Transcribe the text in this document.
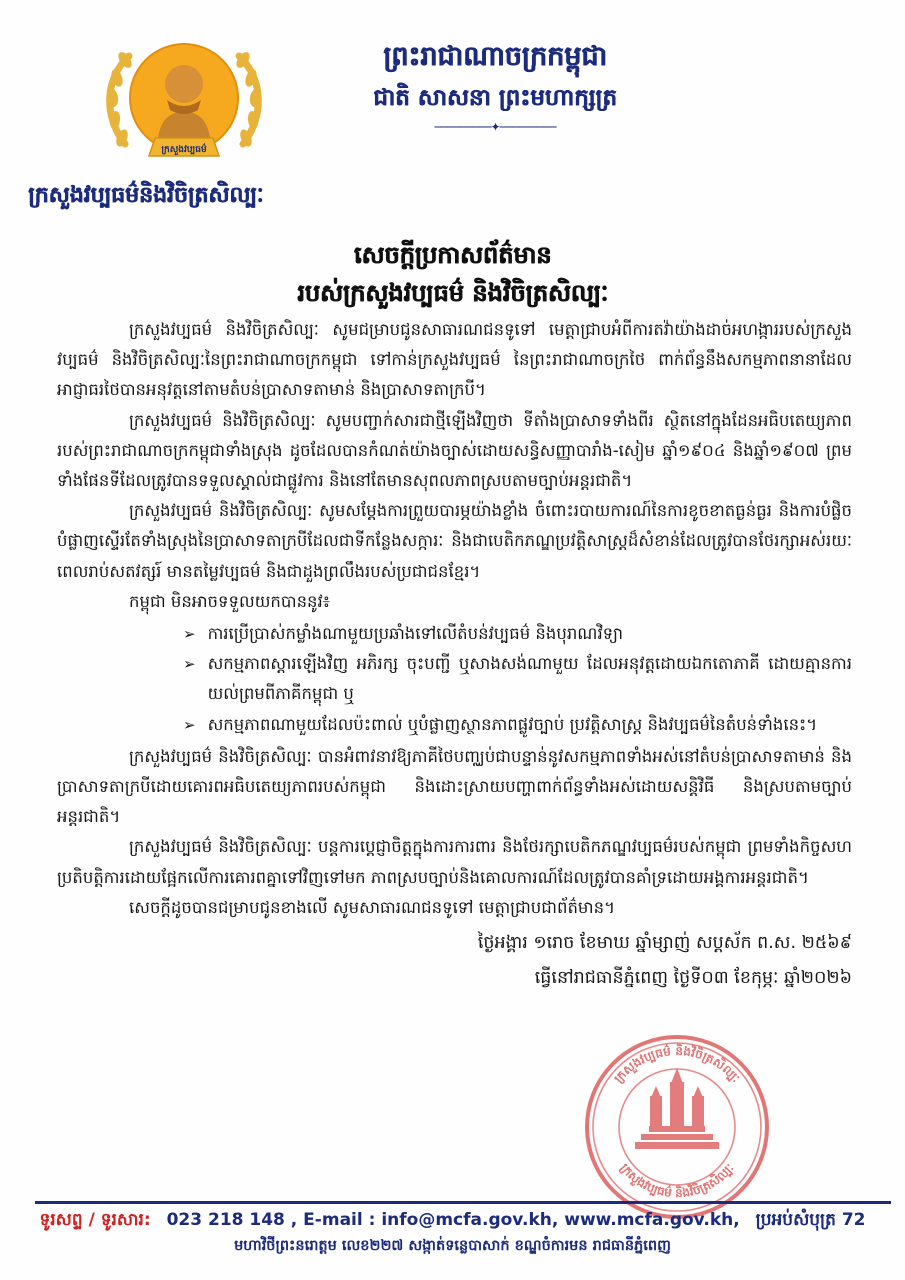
ក្រសួងវប្បធម៌
ព្រះរាជាណាចក្រកម្ពុជា
ជាតិ សាសនា ព្រះមហាក្សត្រ
─────────✦─────────
ក្រសួងវប្បធម៌និងវិចិត្រសិល្បៈ
សេចក្តីប្រកាសព័ត៌មាន
របស់ក្រសួងវប្បធម៌ និងវិចិត្រសិល្បៈ

ក្រសួងវប្បធម៌ និងវិចិត្រសិល្បៈ សូមជម្រាបជូនសាធារណជនទូទៅ មេត្តាជ្រាបអំពីការតវ៉ាយ៉ាងដាច់អហង្ការរបស់ក្រសួងវប្បធម៌ និងវិចិត្រសិល្បៈនៃព្រះរាជាណាចក្រកម្ពុជា ទៅកាន់ក្រសួងវប្បធម៌ នៃព្រះរាជាណាចក្រថៃ ពាក់ព័ន្ធនឹងសកម្មភាពនានាដែលអាជ្ញាធរថៃបានអនុវត្តនៅតាមតំបន់ប្រាសាទតាមាន់ និងប្រាសាទតាក្របី។

ក្រសួងវប្បធម៌ និងវិចិត្រសិល្បៈ សូមបញ្ជាក់សារជាថ្មីឡើងវិញថា ទីតាំងប្រាសាទទាំងពីរ ស្ថិតនៅក្នុងដែនអធិបតេយ្យភាពរបស់ព្រះរាជាណាចក្រកម្ពុជាទាំងស្រុង ដូចដែលបានកំណត់យ៉ាងច្បាស់ដោយសន្ធិសញ្ញាបារាំង-សៀម ឆ្នាំ១៩០៤ និងឆ្នាំ១៩០៧ ព្រមទាំងផែនទីដែលត្រូវបានទទួលស្គាល់ជាផ្លូវការ និងនៅតែមានសុពលភាពស្របតាមច្បាប់អន្តរជាតិ។

ក្រសួងវប្បធម៌ និងវិចិត្រសិល្បៈ សូមសម្តែងការព្រួយបារម្ភយ៉ាងខ្លាំង ចំពោះរបាយការណ៍នៃការខូចខាតធ្ងន់ធ្ងរ និងការបំផ្លិចបំផ្លាញស្ទើរតែទាំងស្រុងនៃប្រាសាទតាក្របីដែលជាទីកន្លែងសក្ការៈ និងជាបេតិកភណ្ឌប្រវត្តិសាស្ត្រដ៏សំខាន់ដែលត្រូវបានថែរក្សាអស់រយៈពេលរាប់សតវត្សរ៍ មានតម្លៃវប្បធម៌ និងជាដួងព្រលឹងរបស់ប្រជាជនខ្មែរ។

កម្ពុជា មិនអាចទទួលយកបាននូវ៖

➢ ការប្រើប្រាស់កម្លាំងណាមួយប្រឆាំងទៅលើតំបន់វប្បធម៌ និងបុរាណវិទ្យា
➢ សកម្មភាពស្តារឡើងវិញ អភិរក្ស ចុះបញ្ជី ឬសាងសង់ណាមួយ ដែលអនុវត្តដោយឯកតោភាគី ដោយគ្មានការយល់ព្រមពីភាគីកម្ពុជា ឬ
➢ សកម្មភាពណាមួយដែលប៉ះពាល់ ឬបំផ្លាញស្ថានភាពផ្លូវច្បាប់ ប្រវត្តិសាស្ត្រ និងវប្បធម៌នៃតំបន់ទាំងនេះ។

ក្រសួងវប្បធម៌ និងវិចិត្រសិល្បៈ បានអំពាវនាវឱ្យភាគីថៃបញ្ឈប់ជាបន្ទាន់នូវសកម្មភាពទាំងអស់នៅតំបន់ប្រាសាទតាមាន់ និងប្រាសាទតាក្របីដោយគោរពអធិបតេយ្យភាពរបស់កម្ពុជា និងដោះស្រាយបញ្ហាពាក់ព័ន្ធទាំងអស់ដោយសន្តិវិធី និងស្របតាមច្បាប់អន្តរជាតិ។

ក្រសួងវប្បធម៌ និងវិចិត្រសិល្បៈ បន្តការប្តេជ្ញាចិត្តក្នុងការការពារ និងថែរក្សាបេតិកភណ្ឌវប្បធម៌របស់កម្ពុជា ព្រមទាំងកិច្ចសហប្រតិបត្តិការដោយផ្អែកលើការគោរពគ្នាទៅវិញទៅមក ភាពស្របច្បាប់និងគោលការណ៍ដែលត្រូវបានគាំទ្រដោយអង្គការអន្តរជាតិ។

សេចក្តីដូចបានជម្រាបជូនខាងលើ សូមសាធារណជនទូទៅ មេត្តាជ្រាបជាព័ត៌មាន។

ថ្ងៃអង្គារ ១រោច ខែមាឃ ឆ្នាំម្សាញ់ សប្តស័ក ព.ស. ២៥៦៩
ធ្វើនៅរាជធានីភ្នំពេញ ថ្ងៃទី០៣ ខែកុម្ភៈ ឆ្នាំ២០២៦
ក្រសួងវប្បធម៌ និងវិចិត្រសិល្បៈ
ក្រសួងវប្បធម៌ និងវិចិត្រសិល្បៈ
ទូរសព្ទ / ទូរសារ: 023 218 148 , E-mail : info@mcfa.gov.kh, www.mcfa.gov.kh, ប្រអប់សំបុត្រ 72
មហាវិថីព្រះនរោត្តម លេខ២២៧ សង្កាត់ទន្លេបាសាក់ ខណ្ឌចំការមន រាជធានីភ្នំពេញ
